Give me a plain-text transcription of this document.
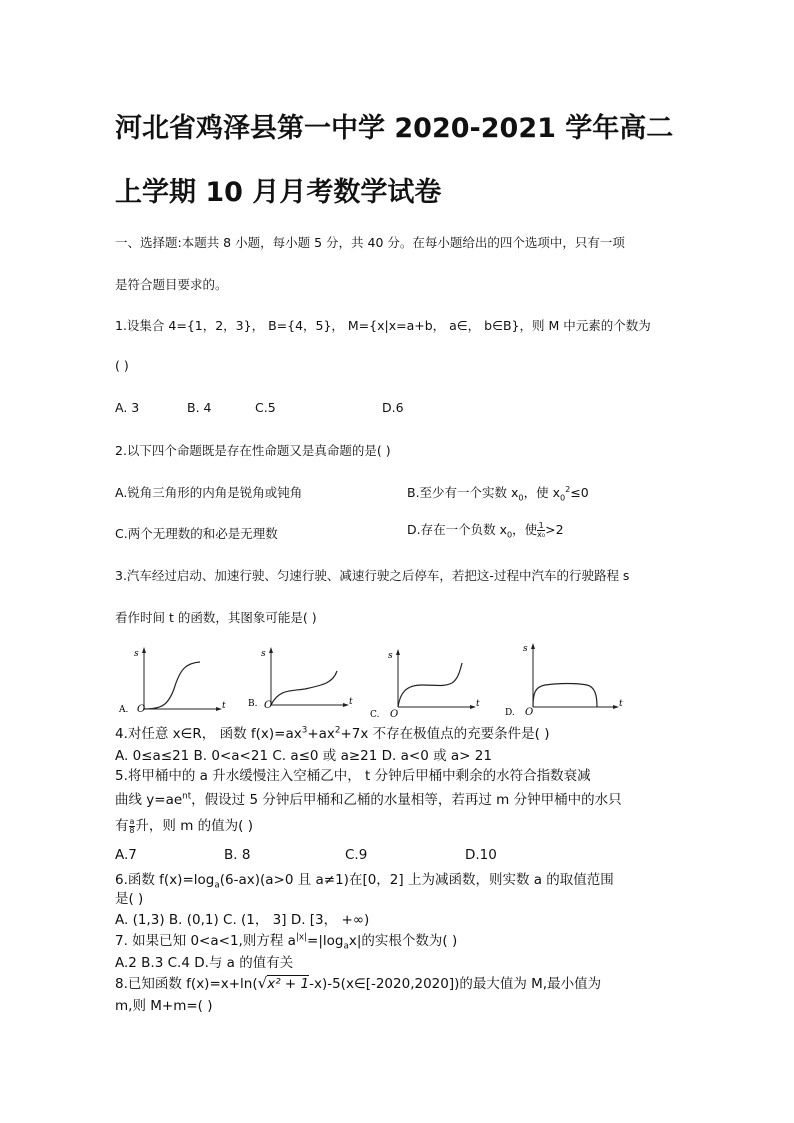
河北省鸡泽县第一中学 2020-2021 学年高二
上学期 10 月月考数学试卷
一、选择题:本题共 8 小题，每小题 5 分，共 40 分。在每小题给出的四个选项中，只有一项
是符合题目要求的。
1.设集合 4={1，2，3}， B={4，5}， M={x|x=a+b， a∈， b∈B}，则 M 中元素的个数为
( )
A. 3	B. 4	C.5	D.6
2.以下四个命题既是存在性命题又是真命题的是( )
A.锐角三角形的内角是锐角或钝角	B.至少有一个实数 $x_0$，使 $x_0^2\le 0$
C.两个无理数的和必是无理数	D.存在一个负数 $x_0$，使 $\frac{1}{\text{x₀}} >2$
3.汽车经过启动、加速行驶、匀速行驶、减速行驶之后停车，若把这-过程中汽车的行驶路程 s
看作时间 t 的函数，其图象可能是( )
s
t
O
A.
s
t
O
B.
s
t
O
C.
s
t
O
D.
4.对任意 x∈R， 函数 $f(x)=ax^3+ax^2+7x$ 不存在极值点的充要条件是( )
A. 0≤a≤21 B. 0<a<21 C. a≤0 或 a≥21 D. a<0 或 a> 21
5.将甲桶中的 a 升水缓慢注入空桶乙中， t 分钟后甲桶中剩余的水符合指数衰减
曲线 $y=ae^{nt}$，假设过 5 分钟后甲桶和乙桶的水量相等，若再过 m 分钟甲桶中的水只
有 $\frac{a}{8}$ 升，则 m 的值为( )
A.7	B. 8	C.9	D.10
6.函数 $f(x)=\log_a(6-ax)(a>0$ 且 a≠1)在[0，2] 上为减函数，则实数 a 的取值范围
是( )
A. (1,3) B. (0,1) C. (1， 3] D. [3， +∞)
7. 如果已知 0<a<1,则方程 $a^{|x|}=|\log_ax|$的实根个数为( )
A.2 B.3 C.4 D.与 a 的值有关
8.已知函数 f(x)=x+ln(√x² + 1-x)-5(x∈[-2020,2020])的最大值为 M,最小值为
m,则 M+m=( )
